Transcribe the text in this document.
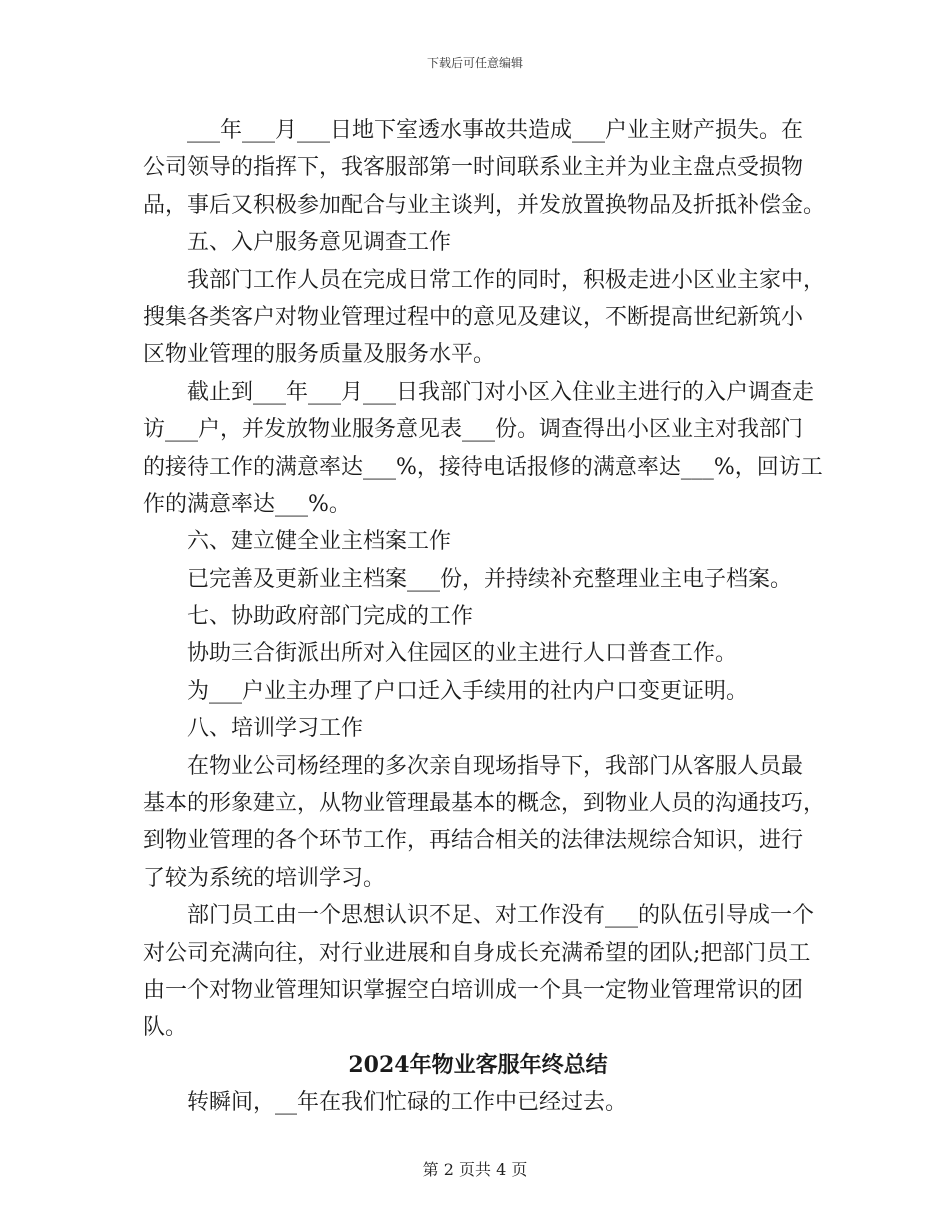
下载后可任意编辑
___年___月___日地下室透水事故共造成___户业主财产损失。在
公司领导的指挥下，我客服部第一时间联系业主并为业主盘点受损物
品，事后又积极参加配合与业主谈判，并发放置换物品及折抵补偿金。
五、入户服务意见调查工作
我部门工作人员在完成日常工作的同时，积极走进小区业主家中，
搜集各类客户对物业管理过程中的意见及建议，不断提高世纪新筑小
区物业管理的服务质量及服务水平。
截止到___年___月___日我部门对小区入住业主进行的入户调查走
访___户，并发放物业服务意见表___份。调查得出小区业主对我部门
的接待工作的满意率达___%，接待电话报修的满意率达___%，回访工
作的满意率达___%。
六、建立健全业主档案工作
已完善及更新业主档案___份，并持续补充整理业主电子档案。
七、协助政府部门完成的工作
协助三合街派出所对入住园区的业主进行人口普查工作。
为___户业主办理了户口迁入手续用的社内户口变更证明。
八、培训学习工作
在物业公司杨经理的多次亲自现场指导下，我部门从客服人员最
基本的形象建立，从物业管理最基本的概念，到物业人员的沟通技巧，
到物业管理的各个环节工作，再结合相关的法律法规综合知识，进行
了较为系统的培训学习。
部门员工由一个思想认识不足、对工作没有___的队伍引导成一个
对公司充满向往，对行业进展和自身成长充满希望的团队;把部门员工
由一个对物业管理知识掌握空白培训成一个具一定物业管理常识的团
队。
2024年物业客服年终总结
转瞬间，__年在我们忙碌的工作中已经过去。
第 2 页共 4 页
